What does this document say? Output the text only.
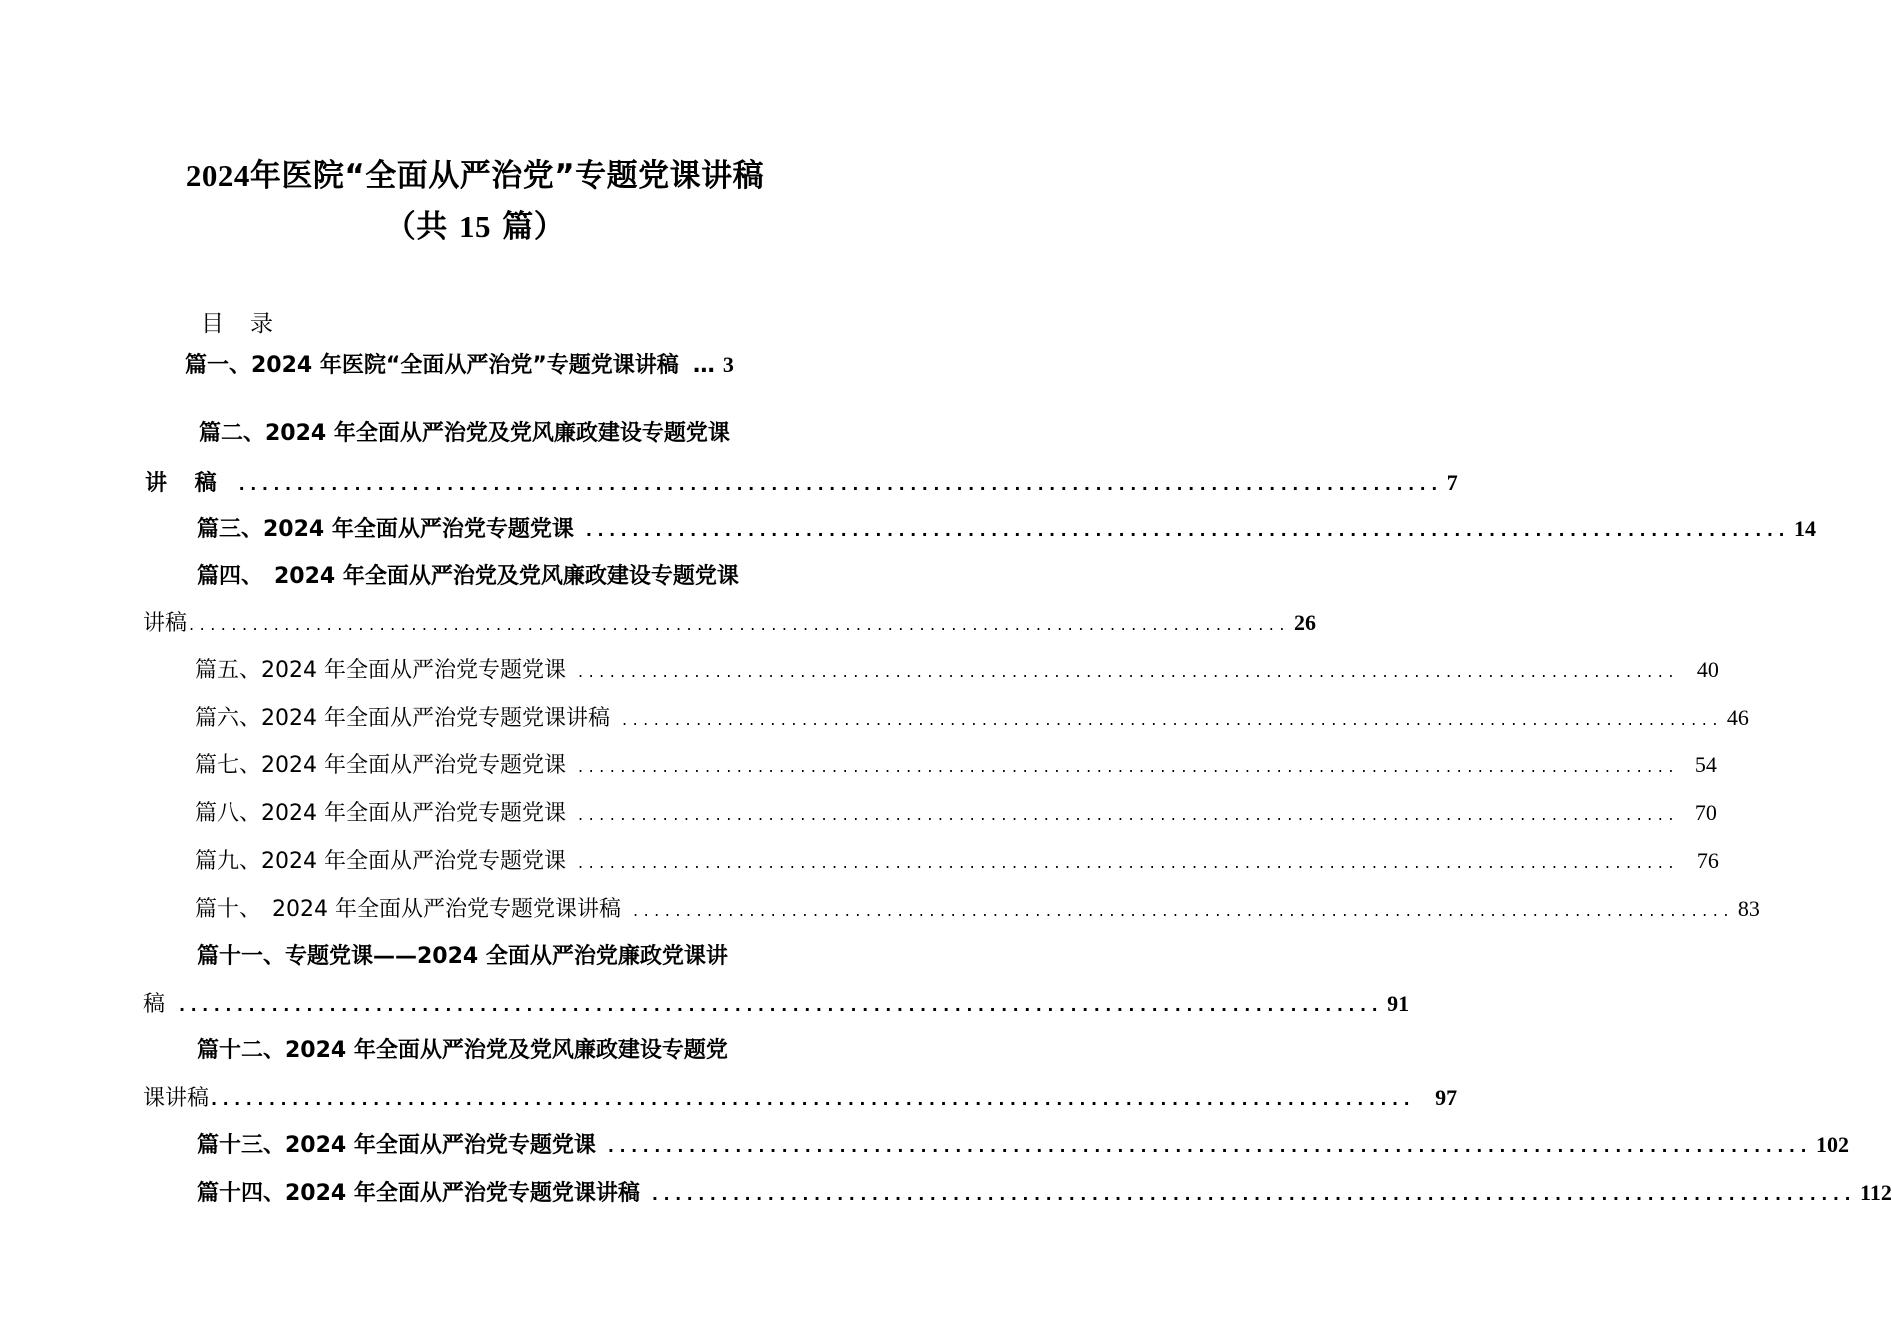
2024年医院“全面从严治党”专题党课讲稿
（共 15 篇）
目 录
篇一、2024 年医院“全面从严治党”专题党课讲稿 … 3
篇二、2024 年全面从严治党及党风廉政建设专题党课
讲 稿 ........................................................................................................ 7
篇三、2024 年全面从严治党专题党课 ........................................................................................................ 14
篇四、　2024 年全面从严治党及党风廉政建设专题党课
讲稿 ........................................................................................................ 26
篇五、2024 年全面从严治党专题党课 ........................................................................................................ 40
篇六、2024 年全面从严治党专题党课讲稿 ........................................................................................................ 46
篇七、2024 年全面从严治党专题党课 ........................................................................................................ 54
篇八、2024 年全面从严治党专题党课 ........................................................................................................ 70
篇九、2024 年全面从严治党专题党课 ........................................................................................................ 76
篇十、　2024 年全面从严治党专题党课讲稿 ........................................................................................................ 83
篇十一、专题党课——2024 全面从严治党廉政党课讲
稿 ........................................................................................................ 91
篇十二、2024 年全面从严治党及党风廉政建设专题党
课讲稿 ........................................................................................................ 97
篇十三、2024 年全面从严治党专题党课 ........................................................................................................ 102
篇十四、2024 年全面从严治党专题党课讲稿 ........................................................................................................ 112
